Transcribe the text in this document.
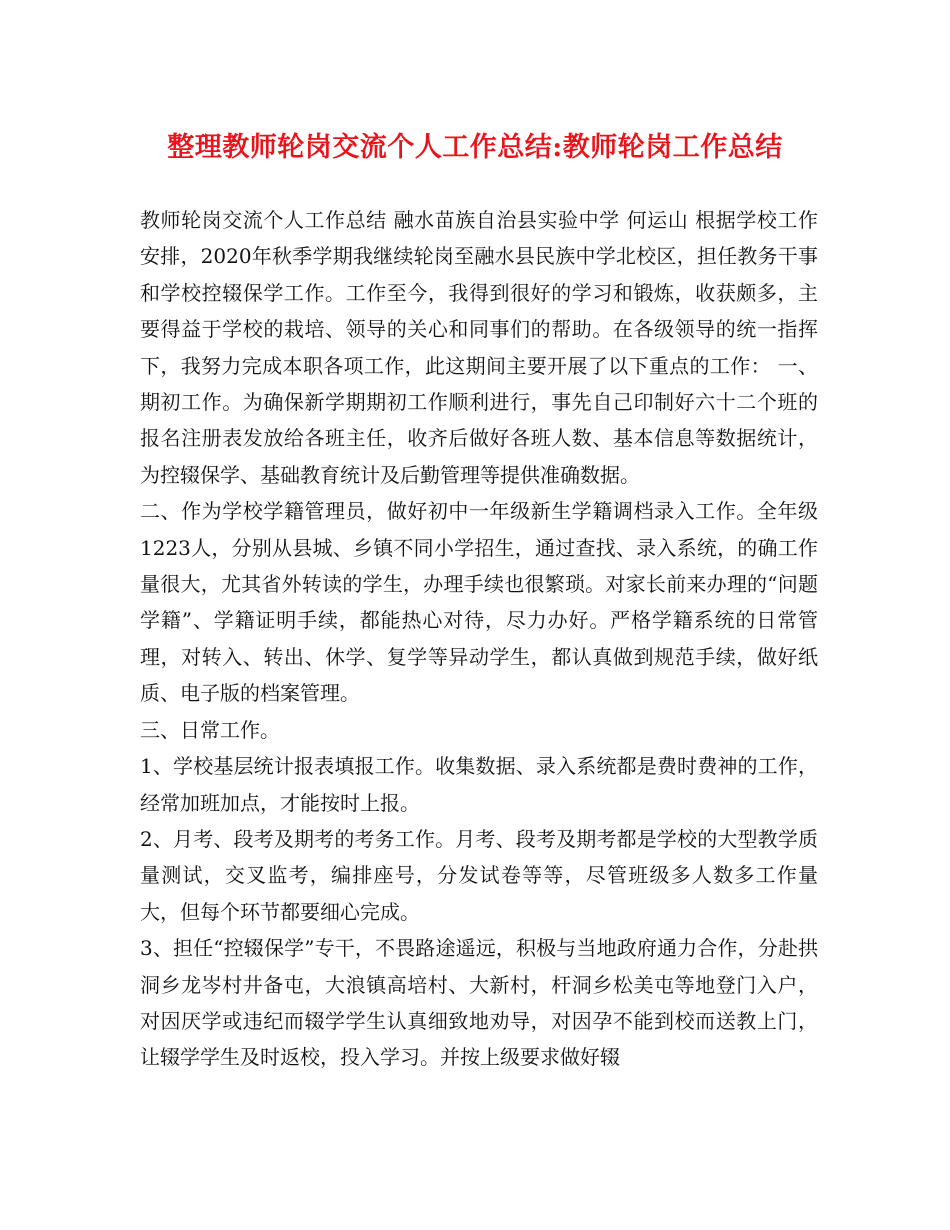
整理教师轮岗交流个人工作总结:教师轮岗工作总结

教师轮岗交流个人工作总结 融水苗族自治县实验中学 何运山 根据学校工作安排，2020年秋季学期我继续轮岗至融水县民族中学北校区，担任教务干事和学校控辍保学工作。工作至今，我得到很好的学习和锻炼，收获颇多，主要得益于学校的栽培、领导的关心和同事们的帮助。在各级领导的统一指挥下，我努力完成本职各项工作，此这期间主要开展了以下重点的工作： 一、期初工作。为确保新学期期初工作顺利进行，事先自己印制好六十二个班的报名注册表发放给各班主任，收齐后做好各班人数、基本信息等数据统计，为控辍保学、基础教育统计及后勤管理等提供准确数据。

二、作为学校学籍管理员，做好初中一年级新生学籍调档录入工作。全年级1223人，分别从县城、乡镇不同小学招生，通过查找、录入系统，的确工作量很大，尤其省外转读的学生，办理手续也很繁琐。对家长前来办理的“问题学籍”、学籍证明手续，都能热心对待，尽力办好。严格学籍系统的日常管理，对转入、转出、休学、复学等异动学生，都认真做到规范手续，做好纸质、电子版的档案管理。

三、日常工作。

1、学校基层统计报表填报工作。收集数据、录入系统都是费时费神的工作，经常加班加点，才能按时上报。

2、月考、段考及期考的考务工作。月考、段考及期考都是学校的大型教学质量测试，交叉监考，编排座号，分发试卷等等，尽管班级多人数多工作量大，但每个环节都要细心完成。

3、担任“控辍保学”专干，不畏路途遥远，积极与当地政府通力合作，分赴拱洞乡龙岑村井备屯，大浪镇高培村、大新村，杆洞乡松美屯等地登门入户，对因厌学或违纪而辍学学生认真细致地劝导，对因孕不能到校而送教上门，让辍学学生及时返校，投入学习。并按上级要求做好辍
